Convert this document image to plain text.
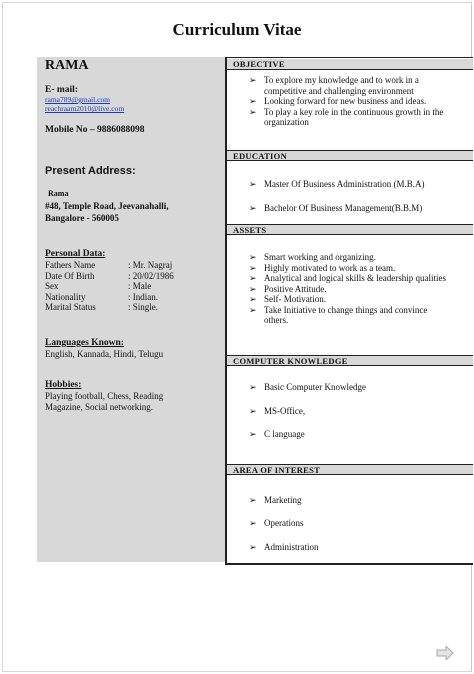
Curriculum Vitae
RAMA
E- mail:
rama789@gmail.com
reachraam2010@live.com
Mobile No – 9886088098
Present Address:
Rama
#48, Temple Road, Jeevanahalli,
Bangalore - 560005
Personal Data:
Fathers Name	: Mr. Nagraj
Date Of Birth	: 20/02/1986
Sex	: Male
Nationality	: Indian.
Marital Status	: Single.
Languages Known:
English, Kannada, Hindi, Telugu
Hobbies:
Playing football, Chess, Reading
Magazine, Social networking.
OBJECTIVE
➢ To explore my knowledge and to work in a
competitive and challenging environment
➢ Looking forward for new business and ideas.
➢ To play a key role in the continuous growth in the
organization
EDUCATION
➢ Master Of Business Administration (M.B.A)
➢ Bachelor Of Business Management(B.B.M)
ASSETS
➢ Smart working and organizing.
➢ Highly motivated to work as a team.
➢ Analytical and logical skills & leadership qualities
➢ Positive Attitude.
➢ Self- Motivation.
➢ Take Initiative to change things and convince
others.
COMPUTER KNOWLEDGE
➢ Basic Computer Knowledge
➢ MS-Office,
➢ C language
AREA OF INTEREST
➢ Marketing
➢ Operations
➢ Administration
